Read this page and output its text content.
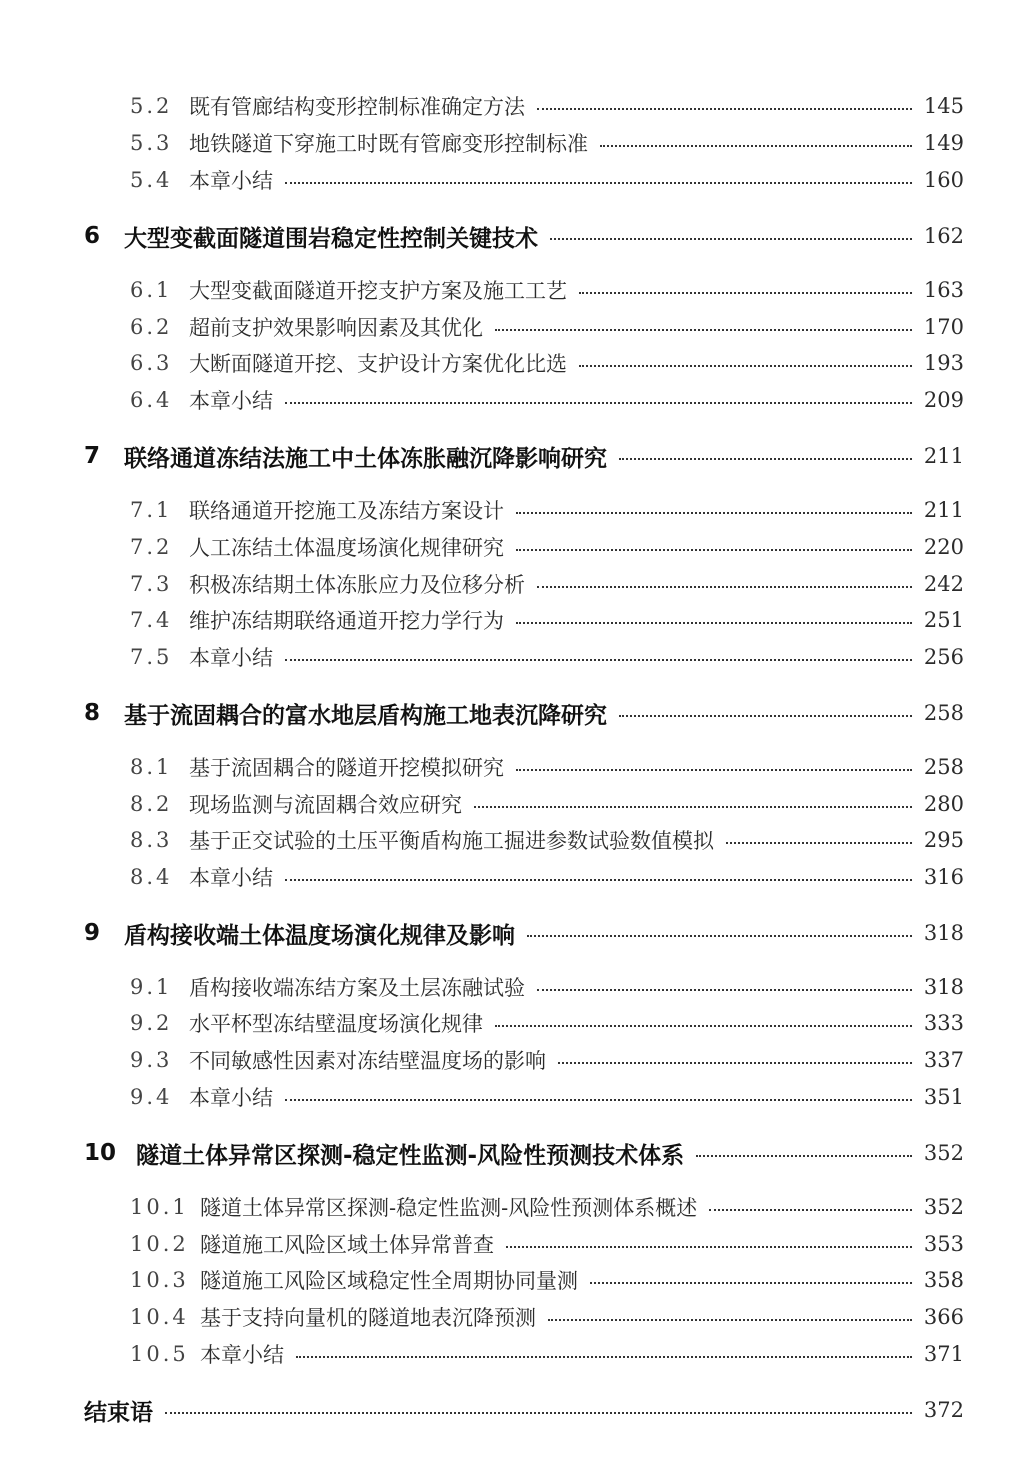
5.2 既有管廊结构变形控制标准确定方法	145
5.3 地铁隧道下穿施工时既有管廊变形控制标准	149
5.4 本章小结	160
6 大型变截面隧道围岩稳定性控制关键技术	162
6.1 大型变截面隧道开挖支护方案及施工工艺	163
6.2 超前支护效果影响因素及其优化	170
6.3 大断面隧道开挖、支护设计方案优化比选	193
6.4 本章小结	209
7 联络通道冻结法施工中土体冻胀融沉降影响研究	211
7.1 联络通道开挖施工及冻结方案设计	211
7.2 人工冻结土体温度场演化规律研究	220
7.3 积极冻结期土体冻胀应力及位移分析	242
7.4 维护冻结期联络通道开挖力学行为	251
7.5 本章小结	256
8 基于流固耦合的富水地层盾构施工地表沉降研究	258
8.1 基于流固耦合的隧道开挖模拟研究	258
8.2 现场监测与流固耦合效应研究	280
8.3 基于正交试验的土压平衡盾构施工掘进参数试验数值模拟	295
8.4 本章小结	316
9 盾构接收端土体温度场演化规律及影响	318
9.1 盾构接收端冻结方案及土层冻融试验	318
9.2 水平杯型冻结壁温度场演化规律	333
9.3 不同敏感性因素对冻结壁温度场的影响	337
9.4 本章小结	351
10 隧道土体异常区探测-稳定性监测-风险性预测技术体系	352
10.1 隧道土体异常区探测-稳定性监测-风险性预测体系概述	352
10.2 隧道施工风险区域土体异常普查	353
10.3 隧道施工风险区域稳定性全周期协同量测	358
10.4 基于支持向量机的隧道地表沉降预测	366
10.5 本章小结	371
结束语	372
